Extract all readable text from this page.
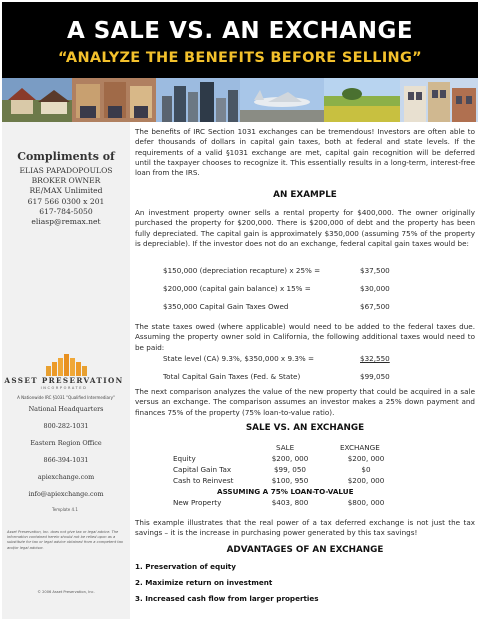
A SALE VS. AN EXCHANGE
“ANALYZE THE BENEFITS BEFORE SELLING”
Compliments of
ELIAS PAPADOPOULOS
BROKER OWNER
RE/MAX Unlimited
617 566 0300 x 201
617-784-5050
eliasp@remax.net
ASSET PRESERVATION
INCORPORATED
A Nationwide IRC §1031 "Qualified Intermediary"
National Headquarters
800-282-1031
Eastern Region Office
866-394-1031
apiexchange.com
info@apiexchange.com
Template 4.1
Asset Preservation, Inc. does not give tax or legal advice. The information contained herein should not be relied upon as a substitute for tax or legal advice obtained from a competent tax and/or legal advisor.
© 2006 Asset Preservation, Inc.
The benefits of IRC Section 1031 exchanges can be tremendous! Investors are often able to defer thousands of dollars in capital gain taxes, both at federal and state levels. If the requirements of a valid §1031 exchange are met, capital gain recognition will be deferred until the taxpayer chooses to recognize it. This essentially results in a long-term, interest-free loan from the IRS.
AN EXAMPLE
An investment property owner sells a rental property for $400,000. The owner originally purchased the property for $200,000. There is $200,000 of debt and the property has been fully depreciated. The capital gain is approximately $350,000 (assuming 75% of the property is depreciable). If the investor does not do an exchange, federal capital gain taxes would be:
$150,000 (depreciation recapture) x 25% =	$37,500
$200,000 (capital gain balance) x 15% =	$30,000
$350,000 Capital Gain Taxes Owed	$67,500
The state taxes owed (where applicable) would need to be added to the federal taxes due. Assuming the property owner sold in California, the following additional taxes would need to be paid:
State level (CA) 9.3%, $350,000 x 9.3% =	$32,550
Total Capital Gain Taxes (Fed. & State)	$99,050
The next comparison analyzes the value of the new property that could be acquired in a sale versus an exchange. The comparison assumes an investor makes a 25% down payment and finances 75% of the property (75% loan-to-value ratio).
SALE VS. AN EXCHANGE
SALE	EXCHANGE
Equity	$200, 000	$200, 000
Capital Gain Tax	$99, 050	$0
Cash to Reinvest	$100, 950	$200, 000
ASSUMING A 75% LOAN-TO-VALUE
New Property	$403, 800	$800, 000
This example illustrates that the real power of a tax deferred exchange is not just the tax savings – it is the increase in purchasing power generated by this tax savings!
ADVANTAGES OF AN EXCHANGE
1. Preservation of equity
2. Maximize return on investment
3. Increased cash flow from larger properties
